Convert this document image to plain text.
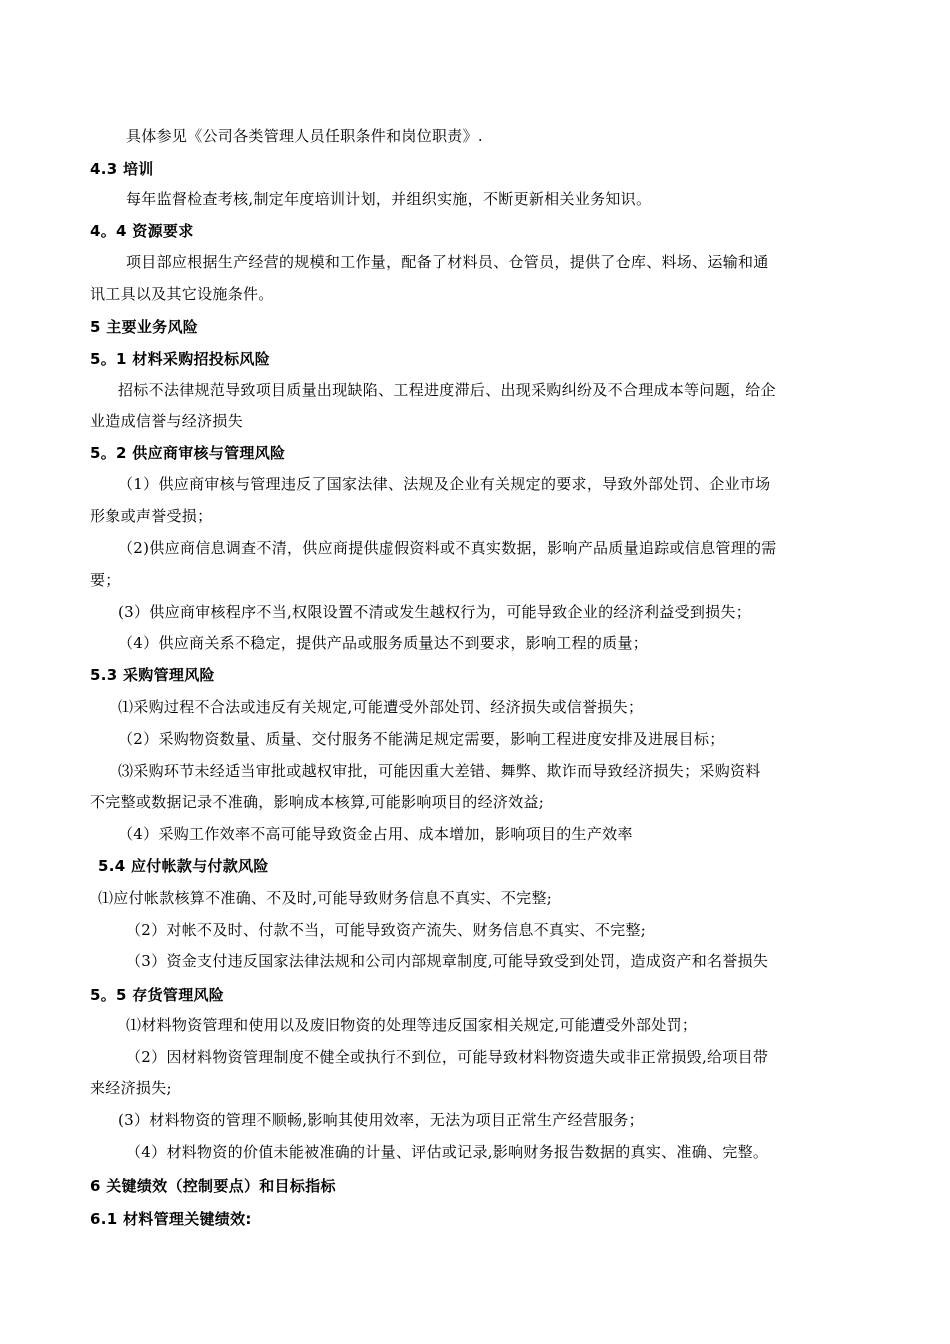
具体参见《公司各类管理人员任职条件和岗位职责》.
4.3 培训
每年监督检查考核,制定年度培训计划，并组织实施，不断更新相关业务知识。
4。4 资源要求
项目部应根据生产经营的规模和工作量，配备了材料员、仓管员，提供了仓库、料场、运输和通
讯工具以及其它设施条件。
5 主要业务风险
5。1 材料采购招投标风险
招标不法律规范导致项目质量出现缺陷、工程进度滞后、出现采购纠纷及不合理成本等问题，给企
业造成信誉与经济损失
5。2 供应商审核与管理风险
（1）供应商审核与管理违反了国家法律、法规及企业有关规定的要求，导致外部处罚、企业市场
形象或声誉受损；
（2)供应商信息调查不清，供应商提供虚假资料或不真实数据，影响产品质量追踪或信息管理的需
要；
(3）供应商审核程序不当,权限设置不清或发生越权行为，可能导致企业的经济利益受到损失；
（4）供应商关系不稳定，提供产品或服务质量达不到要求，影响工程的质量；
5.3 采购管理风险
⑴采购过程不合法或违反有关规定,可能遭受外部处罚、经济损失或信誉损失；
（2）采购物资数量、质量、交付服务不能满足规定需要，影响工程进度安排及进展目标；
⑶采购环节未经适当审批或越权审批，可能因重大差错、舞弊、欺诈而导致经济损失；采购资料
不完整或数据记录不准确，影响成本核算,可能影响项目的经济效益;
（4）采购工作效率不高可能导致资金占用、成本增加，影响项目的生产效率
5.4 应付帐款与付款风险
⑴应付帐款核算不准确、不及时,可能导致财务信息不真实、不完整;
（2）对帐不及时、付款不当，可能导致资产流失、财务信息不真实、不完整;
（3）资金支付违反国家法律法规和公司内部规章制度,可能导致受到处罚，造成资产和名誉损失
5。5 存货管理风险
⑴材料物资管理和使用以及废旧物资的处理等违反国家相关规定,可能遭受外部处罚；
（2）因材料物资管理制度不健全或执行不到位，可能导致材料物资遗失或非正常损毁,给项目带
来经济损失;
(3）材料物资的管理不顺畅,影响其使用效率，无法为项目正常生产经营服务；
（4）材料物资的价值未能被准确的计量、评估或记录,影响财务报告数据的真实、准确、完整。
6 关键绩效（控制要点）和目标指标
6.1 材料管理关键绩效:
